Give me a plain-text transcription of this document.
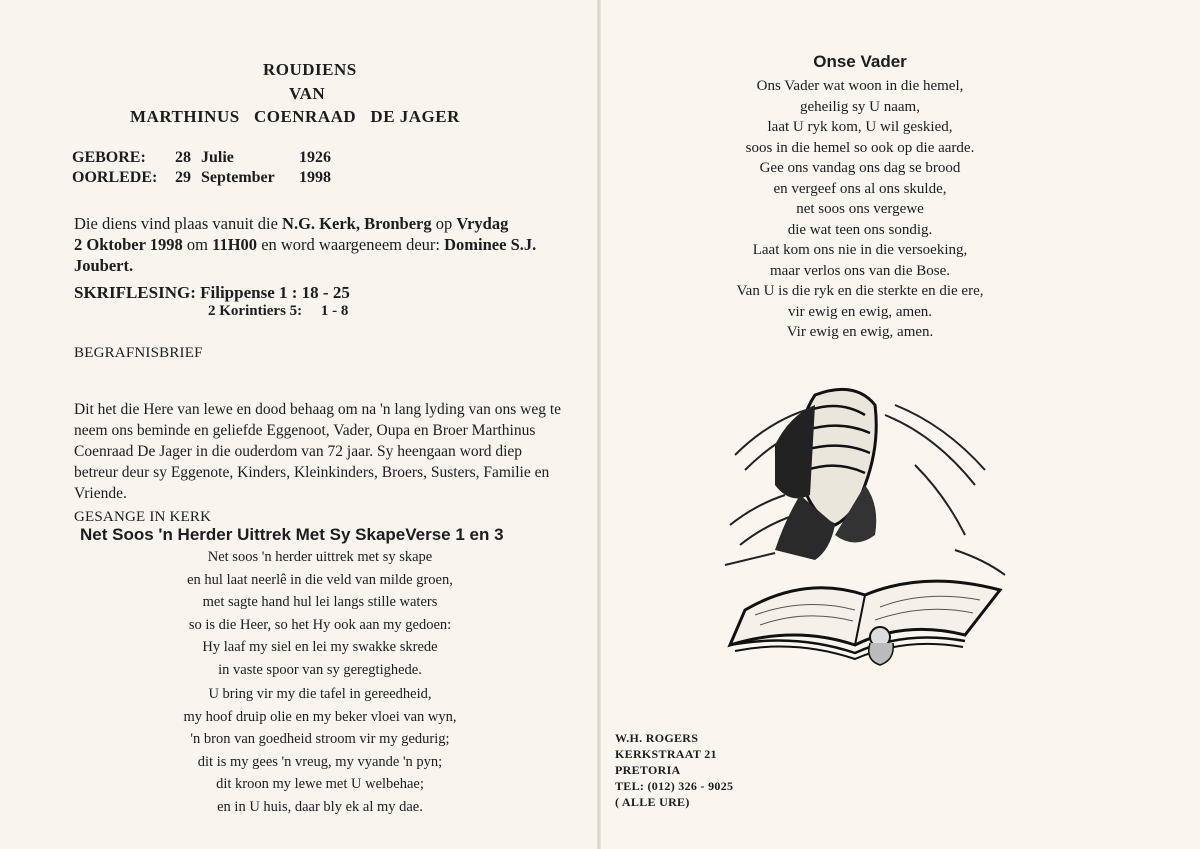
ROUDIENS
VAN
MARTHINUS   COENRAAD   DE JAGER
GEBORE:	28 Julie	1926
OORLEDE:	29 September	1998

Die diens vind plaas vanuit die N.G. Kerk, Bronberg op Vrydag
2 Oktober 1998 om 11H00 en word waargeneem deur: Dominee S.J. Joubert.

SKRIFLESING: Filippense 1 : 18 - 25
2 Korintiers 5:     1 - 8
BEGRAFNISBRIEF

Dit het die Here van lewe en dood behaag om na 'n lang lyding van ons weg te neem ons beminde en geliefde Eggenoot, Vader, Oupa en Broer Marthinus Coenraad De Jager in die ouderdom van 72 jaar. Sy heengaan word diep betreur deur sy Eggenote, Kinders, Kleinkinders, Broers, Susters, Familie en Vriende.

GESANGE IN KERK
Net Soos 'n Herder Uittrek Met Sy SkapeVerse 1 en 3
Net soos 'n herder uittrek met sy skape
en hul laat neerlê in die veld van milde groen,
met sagte hand hul lei langs stille waters
so is die Heer, so het Hy ook aan my gedoen:
Hy laaf my siel en lei my swakke skrede
in vaste spoor van sy geregtighede.
U bring vir my die tafel in gereedheid,
my hoof druip olie en my beker vloei van wyn,
'n bron van goedheid stroom vir my gedurig;
dit is my gees 'n vreug, my vyande 'n pyn;
dit kroon my lewe met U welbehae;
en in U huis, daar bly ek al my dae.
Onse Vader
Ons Vader wat woon in die hemel,
geheilig sy U naam,
laat U ryk kom, U wil geskied,
soos in die hemel so ook op die aarde.
Gee ons vandag ons dag se brood
en vergeef ons al ons skulde,
net soos ons vergewe
die wat teen ons sondig.
Laat kom ons nie in die versoeking,
maar verlos ons van die Bose.
Van U is die ryk en die sterkte en die ere,
vir ewig en ewig, amen.
Vir ewig en ewig, amen.
W.H. ROGERS
KERKSTRAAT 21
PRETORIA
TEL: (012) 326 - 9025
( ALLE URE)
